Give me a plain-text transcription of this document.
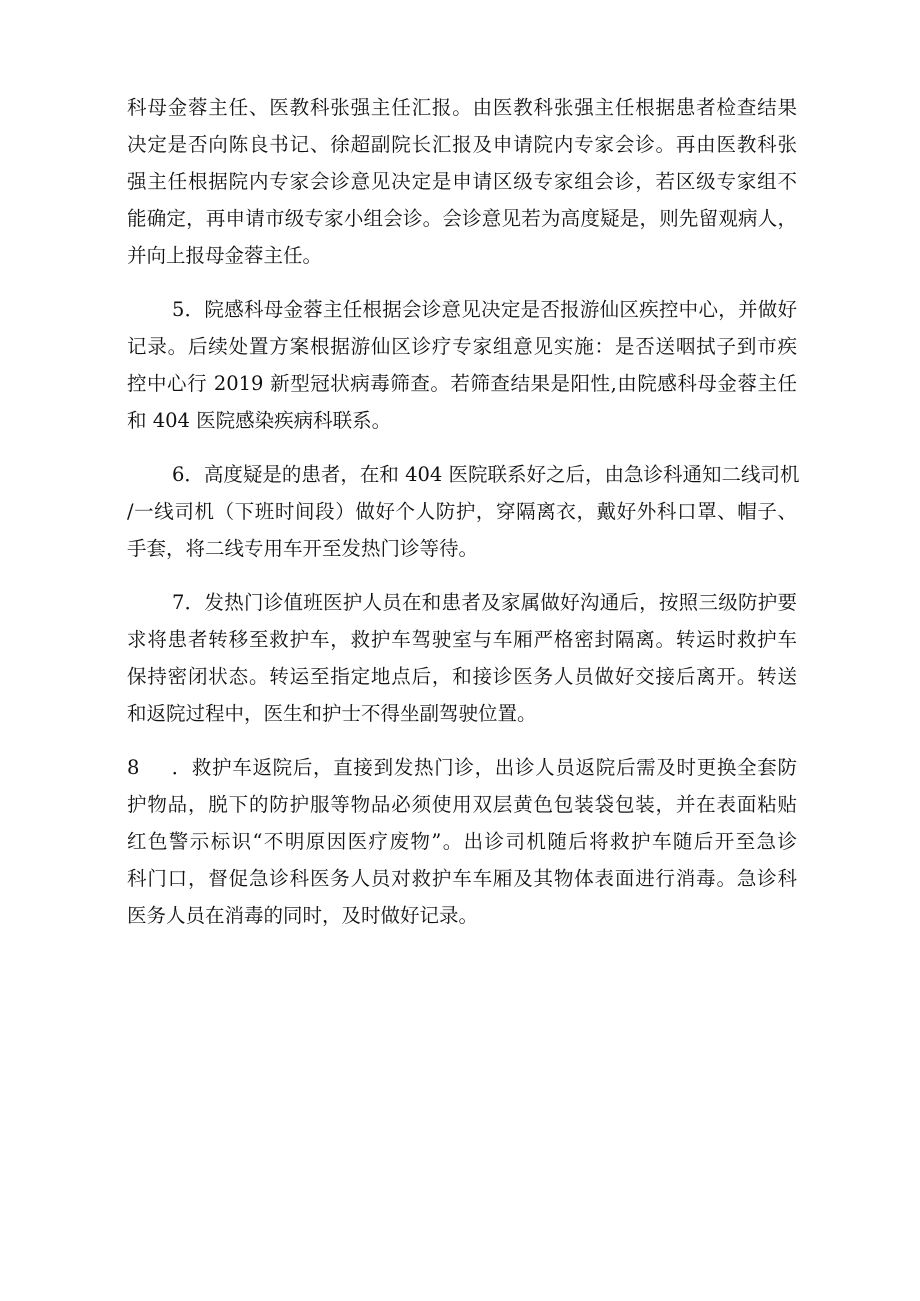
科母金蓉主任、医教科张强主任汇报。由医教科张强主任根据患者检查结果
决定是否向陈良书记、徐超副院长汇报及申请院内专家会诊。再由医教科张
强主任根据院内专家会诊意见决定是申请区级专家组会诊，若区级专家组不
能确定，再申请市级专家小组会诊。会诊意见若为高度疑是，则先留观病人，
并向上报母金蓉主任。
5．院感科母金蓉主任根据会诊意见决定是否报游仙区疾控中心，并做好
记录。后续处置方案根据游仙区诊疗专家组意见实施：是否送咽拭子到市疾
控中心行 2019 新型冠状病毒筛查。若筛查结果是阳性,由院感科母金蓉主任
和 404 医院感染疾病科联系。
6．高度疑是的患者，在和 404 医院联系好之后，由急诊科通知二线司机
/一线司机（下班时间段）做好个人防护，穿隔离衣，戴好外科口罩、帽子、
手套，将二线专用车开至发热门诊等待。
7．发热门诊值班医护人员在和患者及家属做好沟通后，按照三级防护要
求将患者转移至救护车，救护车驾驶室与车厢严格密封隔离。转运时救护车
保持密闭状态。转运至指定地点后，和接诊医务人员做好交接后离开。转送
和返院过程中，医生和护士不得坐副驾驶位置。
8 ．救护车返院后，直接到发热门诊，出诊人员返院后需及时更换全套防
护物品，脱下的防护服等物品必须使用双层黄色包装袋包装，并在表面粘贴
红色警示标识“不明原因医疗废物”。出诊司机随后将救护车随后开至急诊
科门口，督促急诊科医务人员对救护车车厢及其物体表面进行消毒。急诊科
医务人员在消毒的同时，及时做好记录。
